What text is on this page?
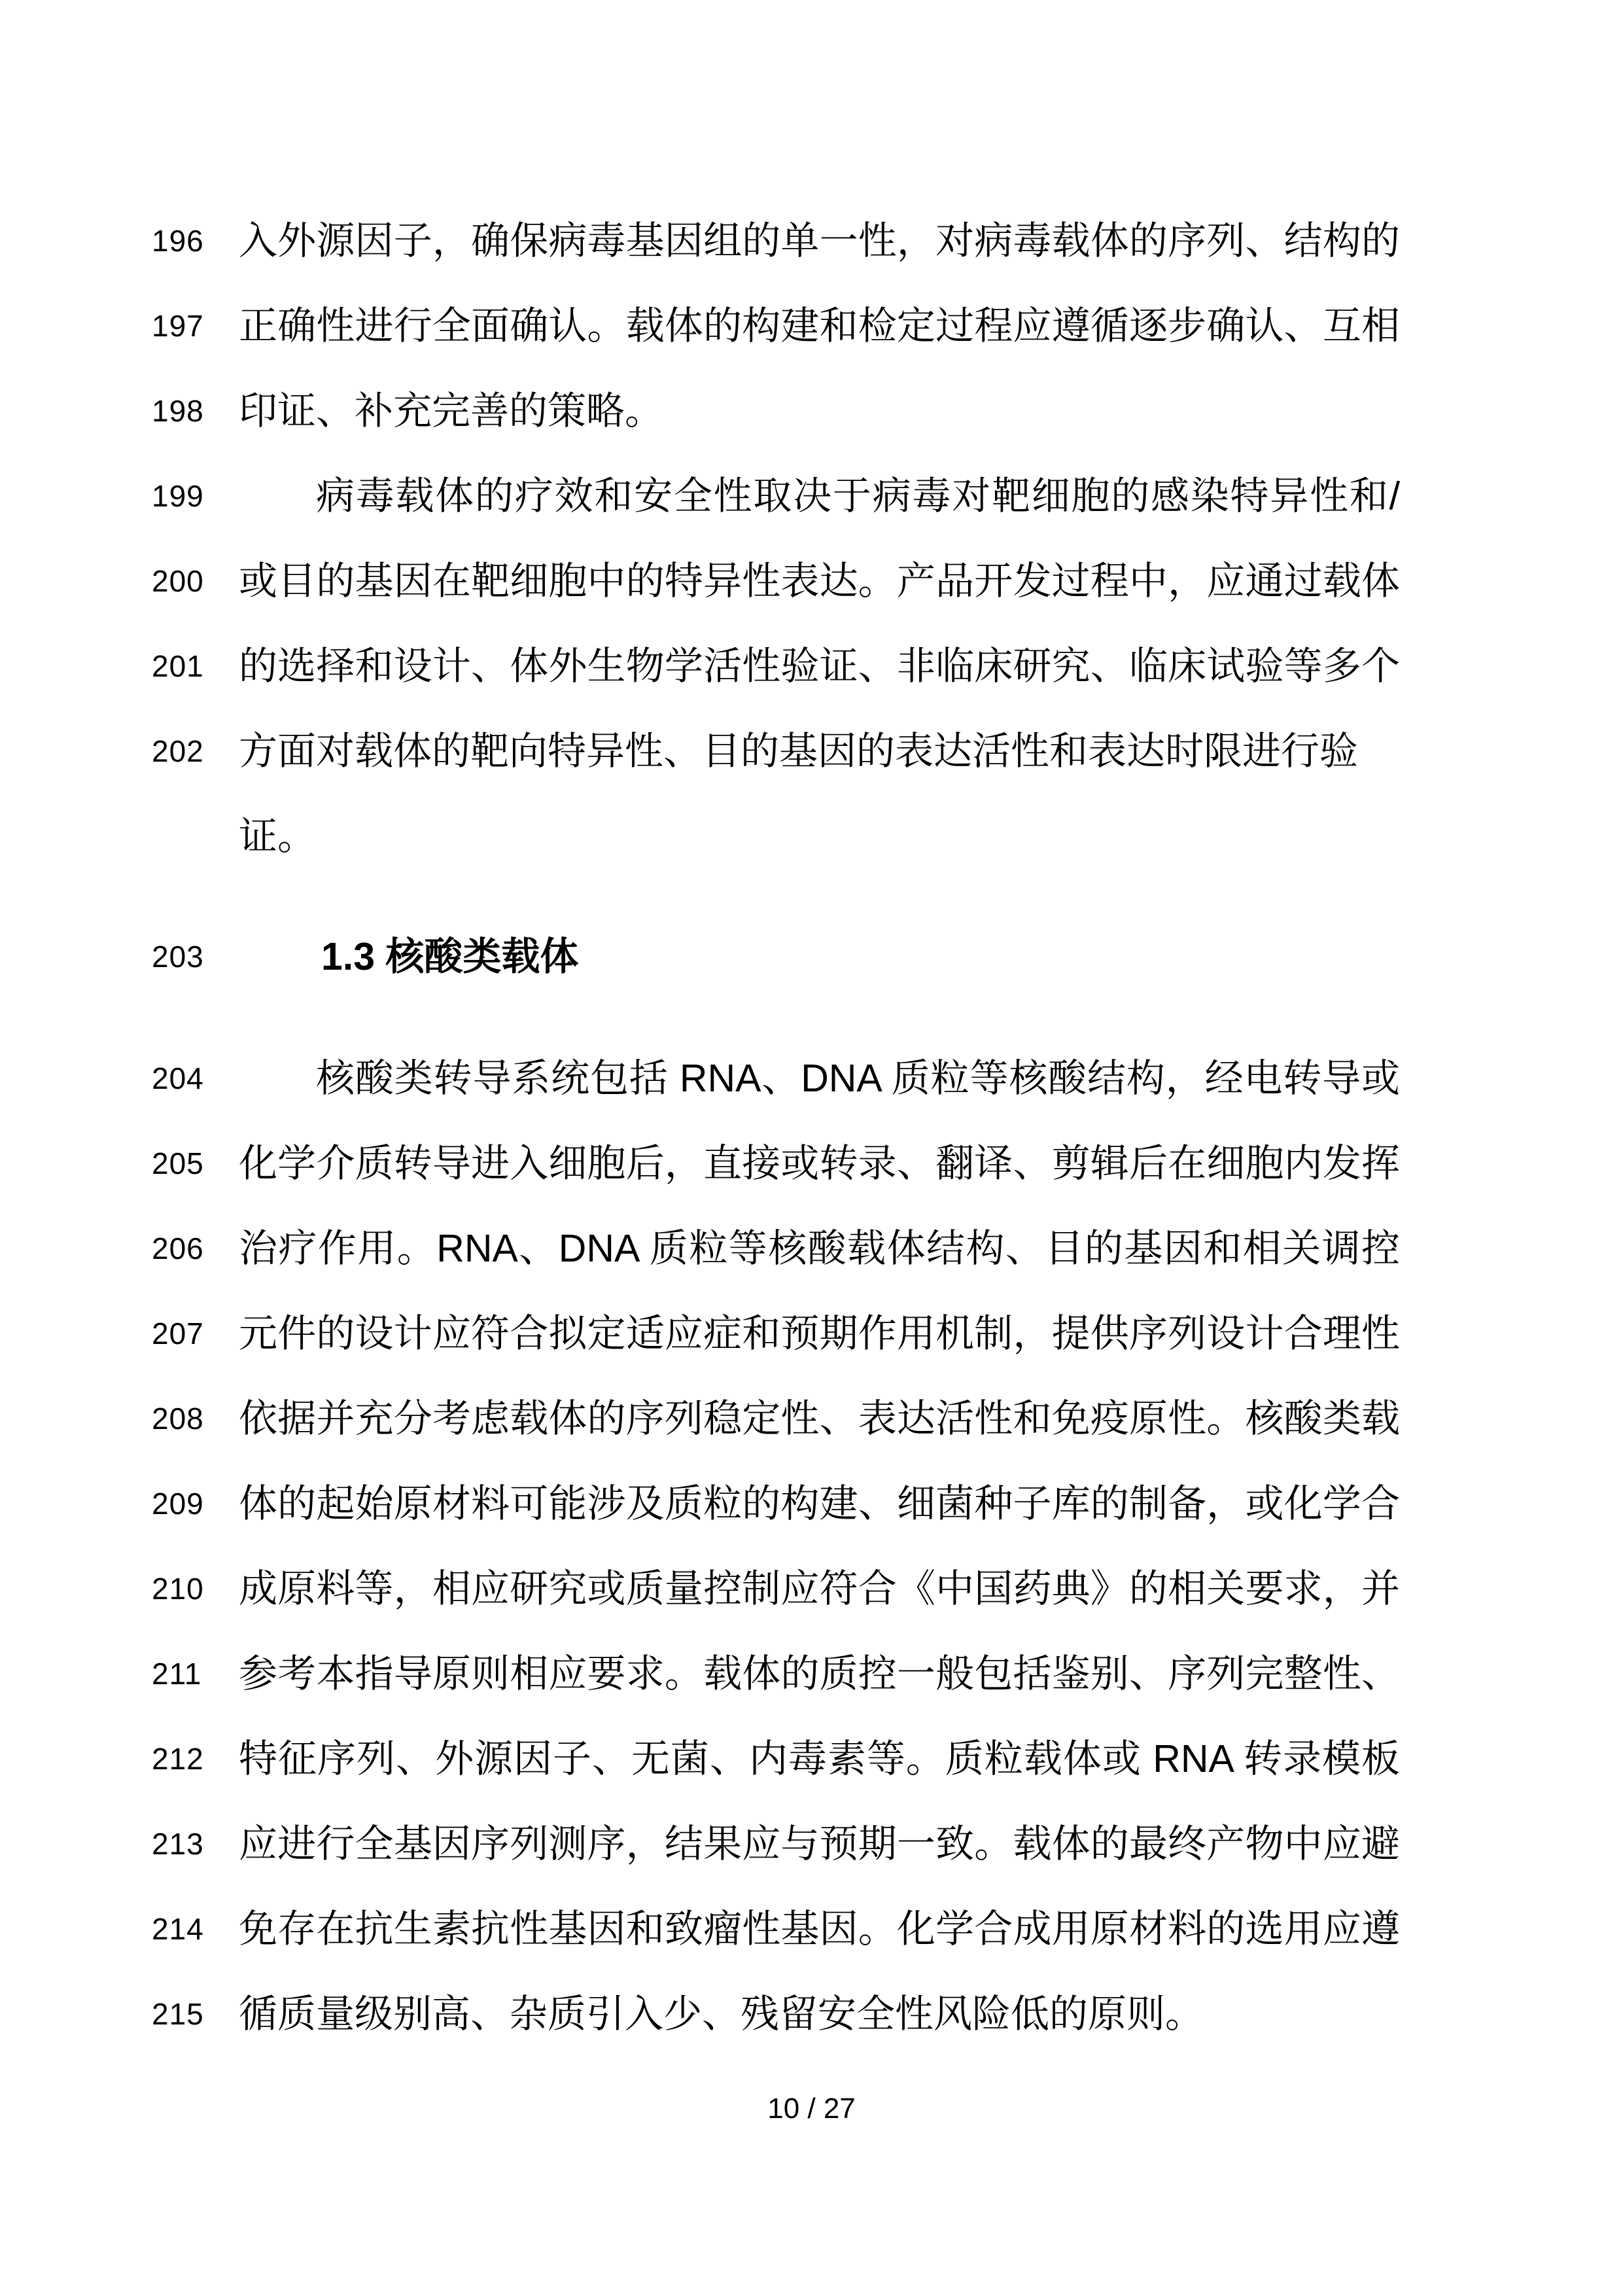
196 入外源因子，确保病毒基因组的单一性，对病毒载体的序列、结构的
197 正确性进行全面确认。载体的构建和检定过程应遵循逐步确认、互相
198 印证、补充完善的策略。
199	病毒载体的疗效和安全性取决于病毒对靶细胞的感染特异性和/
200 或目的基因在靶细胞中的特异性表达。产品开发过程中，应通过载体
201 的选择和设计、体外生物学活性验证、非临床研究、临床试验等多个
202 方面对载体的靶向特异性、目的基因的表达活性和表达时限进行验证。
203	1.3 核酸类载体
204	核酸类转导系统包括 RNA、DNA 质粒等核酸结构，经电转导或
205 化学介质转导进入细胞后，直接或转录、翻译、剪辑后在细胞内发挥
206 治疗作用。RNA、DNA 质粒等核酸载体结构、目的基因和相关调控
207 元件的设计应符合拟定适应症和预期作用机制，提供序列设计合理性
208 依据并充分考虑载体的序列稳定性、表达活性和免疫原性。核酸类载
209 体的起始原材料可能涉及质粒的构建、细菌种子库的制备，或化学合
210 成原料等，相应研究或质量控制应符合《中国药典》的相关要求，并
211 参考本指导原则相应要求。载体的质控一般包括鉴别、序列完整性、
212 特征序列、外源因子、无菌、内毒素等。质粒载体或 RNA 转录模板
213 应进行全基因序列测序，结果应与预期一致。载体的最终产物中应避
214 免存在抗生素抗性基因和致瘤性基因。化学合成用原材料的选用应遵
215 循质量级别高、杂质引入少、残留安全性风险低的原则。
10 / 27
